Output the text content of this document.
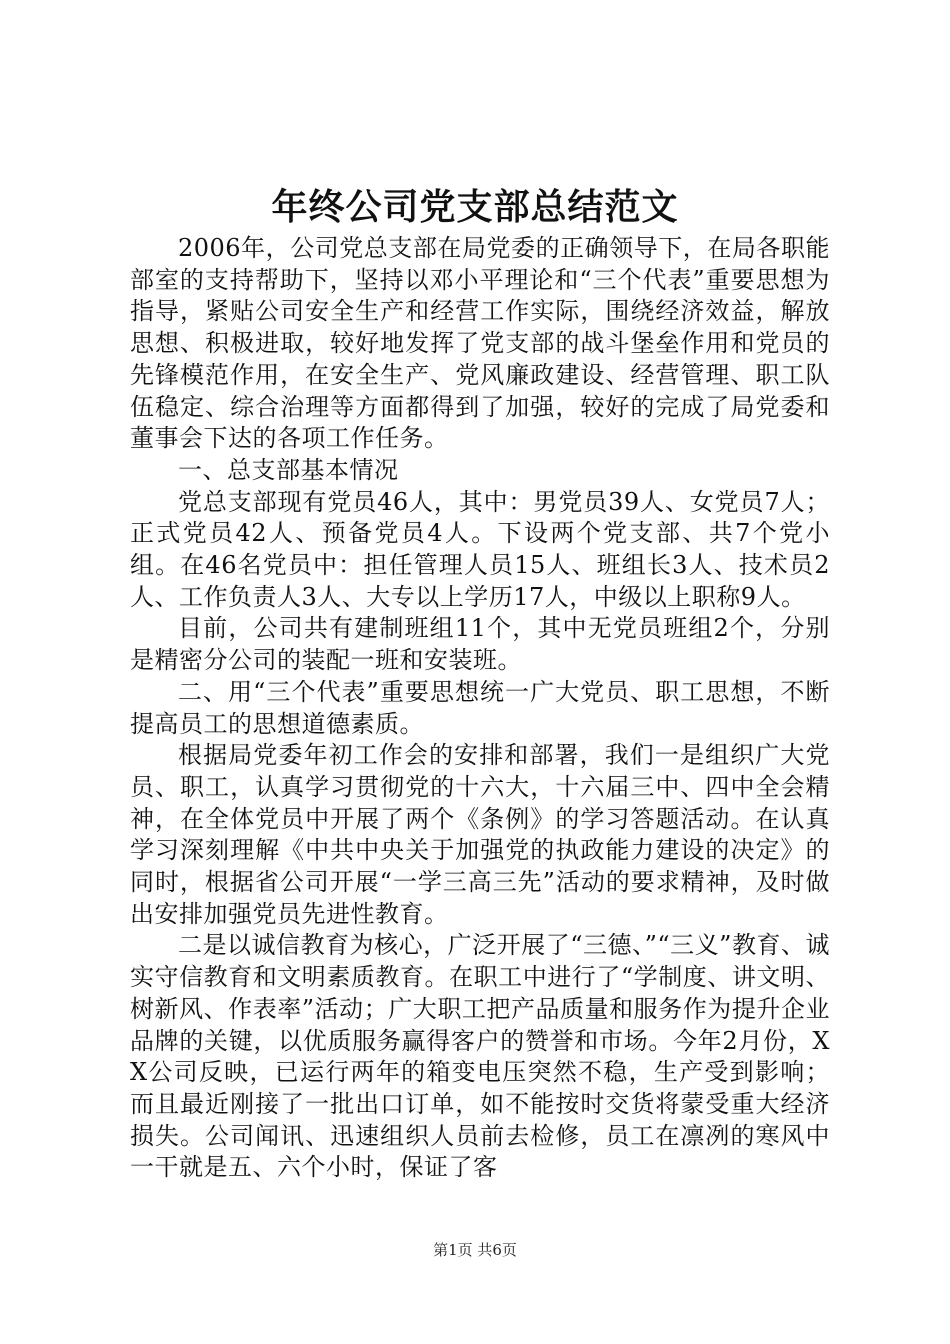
年终公司党支部总结范文

2006年，公司党总支部在局党委的正确领导下，在局各职能部室的支持帮助下，坚持以邓小平理论和“三个代表”重要思想为指导，紧贴公司安全生产和经营工作实际，围绕经济效益，解放思想、积极进取，较好地发挥了党支部的战斗堡垒作用和党员的先锋模范作用，在安全生产、党风廉政建设、经营管理、职工队伍稳定、综合治理等方面都得到了加强，较好的完成了局党委和董事会下达的各项工作任务。

一、总支部基本情况

党总支部现有党员46人，其中：男党员39人、女党员7人；正式党员42人、预备党员4人。下设两个党支部、共7个党小组。在46名党员中：担任管理人员15人、班组长3人、技术员2人、工作负责人3人、大专以上学历17人，中级以上职称9人。

目前，公司共有建制班组11个，其中无党员班组2个，分别是精密分公司的装配一班和安装班。

二、用“三个代表”重要思想统一广大党员、职工思想，不断提高员工的思想道德素质。

根据局党委年初工作会的安排和部署，我们一是组织广大党员、职工，认真学习贯彻党的十六大，十六届三中、四中全会精神，在全体党员中开展了两个《条例》的学习答题活动。在认真学习深刻理解《中共中央关于加强党的执政能力建设的决定》的同时，根据省公司开展“一学三高三先”活动的要求精神，及时做出安排加强党员先进性教育。

二是以诚信教育为核心，广泛开展了“三德、”“三义”教育、诚实守信教育和文明素质教育。在职工中进行了“学制度、讲文明、树新风、作表率”活动；广大职工把产品质量和服务作为提升企业品牌的关键，以优质服务赢得客户的赞誉和市场。今年2月份，XX公司反映，已运行两年的箱变电压突然不稳，生产受到影响；而且最近刚接了一批出口订单，如不能按时交货将蒙受重大经济损失。公司闻讯、迅速组织人员前去检修，员工在凛冽的寒风中一干就是五、六个小时，保证了客

第1页 共6页
